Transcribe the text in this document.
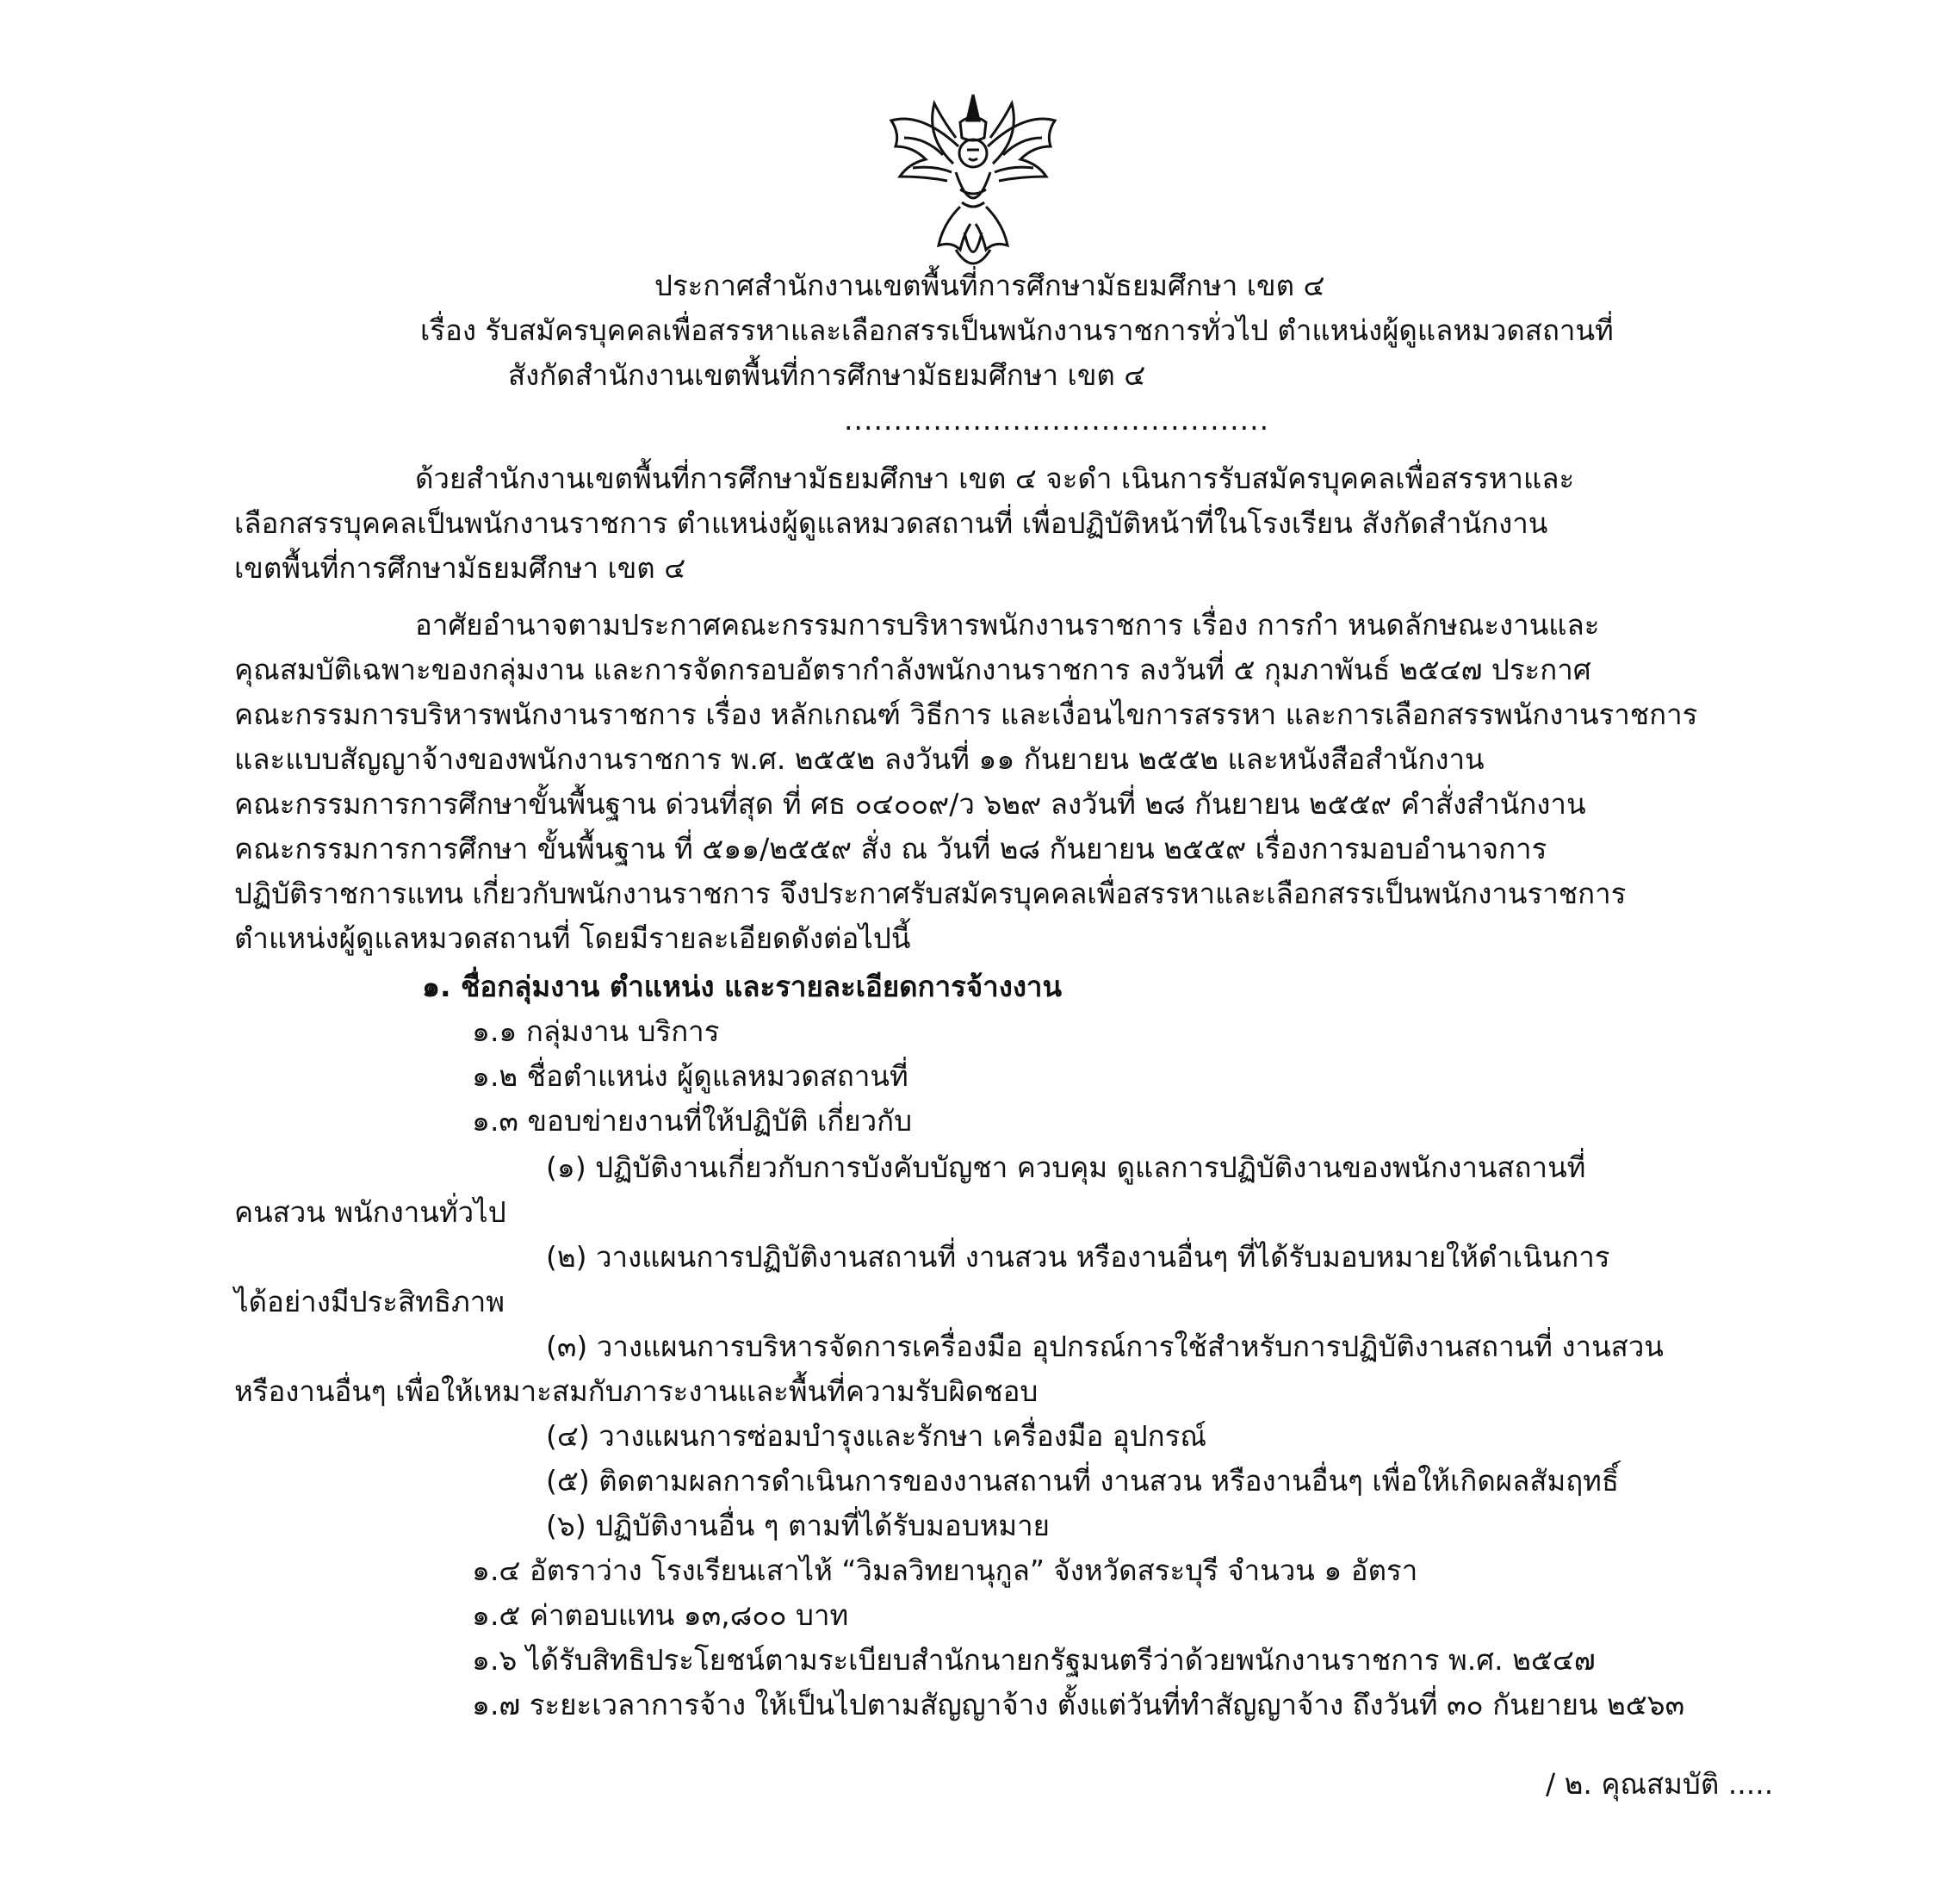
ประกาศสำนักงานเขตพื้นที่การศึกษามัธยมศึกษา เขต ๔
เรื่อง รับสมัครบุคคลเพื่อสรรหาและเลือกสรรเป็นพนักงานราชการทั่วไป ตำแหน่งผู้ดูแลหมวดสถานที่
สังกัดสำนักงานเขตพื้นที่การศึกษามัธยมศึกษา เขต ๔
...........................................
ด้วยสำนักงานเขตพื้นที่การศึกษามัธยมศึกษา เขต ๔ จะดำ เนินการรับสมัครบุคคลเพื่อสรรหาและ
เลือกสรรบุคคลเป็นพนักงานราชการ ตำแหน่งผู้ดูแลหมวดสถานที่ เพื่อปฏิบัติหน้าที่ในโรงเรียน สังกัดสำนักงาน
เขตพื้นที่การศึกษามัธยมศึกษา เขต ๔
อาศัยอำนาจตามประกาศคณะกรรมการบริหารพนักงานราชการ เรื่อง การกำ หนดลักษณะงานและ
คุณสมบัติเฉพาะของกลุ่มงาน และการจัดกรอบอัตรากำลังพนักงานราชการ ลงวันที่ ๕ กุมภาพันธ์ ๒๕๔๗ ประกาศ
คณะกรรมการบริหารพนักงานราชการ เรื่อง หลักเกณฑ์ วิธีการ และเงื่อนไขการสรรหา และการเลือกสรรพนักงานราชการ
และแบบสัญญาจ้างของพนักงานราชการ พ.ศ. ๒๕๕๒ ลงวันที่ ๑๑ กันยายน ๒๕๕๒ และหนังสือสำนักงาน
คณะกรรมการการศึกษาขั้นพื้นฐาน ด่วนที่สุด ที่ ศธ ๐๔๐๐๙/ว ๖๒๙ ลงวันที่ ๒๘ กันยายน ๒๕๕๙ คำสั่งสำนักงาน
คณะกรรมการการศึกษา ขั้นพื้นฐาน ที่ ๕๑๑/๒๕๕๙ สั่ง ณ วันที่ ๒๘ กันยายน ๒๕๕๙ เรื่องการมอบอำนาจการ
ปฏิบัติราชการแทน เกี่ยวกับพนักงานราชการ จึงประกาศรับสมัครบุคคลเพื่อสรรหาและเลือกสรรเป็นพนักงานราชการ
ตำแหน่งผู้ดูแลหมวดสถานที่ โดยมีรายละเอียดดังต่อไปนี้
๑. ชื่อกลุ่มงาน ตำแหน่ง และรายละเอียดการจ้างงาน
๑.๑ กลุ่มงาน บริการ
๑.๒ ชื่อตำแหน่ง ผู้ดูแลหมวดสถานที่
๑.๓ ขอบข่ายงานที่ให้ปฏิบัติ เกี่ยวกับ
(๑) ปฏิบัติงานเกี่ยวกับการบังคับบัญชา ควบคุม ดูแลการปฏิบัติงานของพนักงานสถานที่
คนสวน พนักงานทั่วไป
(๒) วางแผนการปฏิบัติงานสถานที่ งานสวน หรืองานอื่นๆ ที่ได้รับมอบหมายให้ดำเนินการ
ได้อย่างมีประสิทธิภาพ
(๓) วางแผนการบริหารจัดการเครื่องมือ อุปกรณ์การใช้สำหรับการปฏิบัติงานสถานที่ งานสวน
หรืองานอื่นๆ เพื่อให้เหมาะสมกับภาระงานและพื้นที่ความรับผิดชอบ
(๔) วางแผนการซ่อมบำรุงและรักษา เครื่องมือ อุปกรณ์
(๕) ติดตามผลการดำเนินการของงานสถานที่ งานสวน หรืองานอื่นๆ เพื่อให้เกิดผลสัมฤทธิ์
(๖) ปฏิบัติงานอื่น ๆ ตามที่ได้รับมอบหมาย
๑.๔ อัตราว่าง โรงเรียนเสาไห้ “วิมลวิทยานุกูล” จังหวัดสระบุรี จำนวน ๑ อัตรา
๑.๕ ค่าตอบแทน ๑๓,๘๐๐ บาท
๑.๖ ได้รับสิทธิประโยชน์ตามระเบียบสำนักนายกรัฐมนตรีว่าด้วยพนักงานราชการ พ.ศ. ๒๕๔๗
๑.๗ ระยะเวลาการจ้าง ให้เป็นไปตามสัญญาจ้าง ตั้งแต่วันที่ทำสัญญาจ้าง ถึงวันที่ ๓๐ กันยายน ๒๕๖๓
/ ๒. คุณสมบัติ .....
